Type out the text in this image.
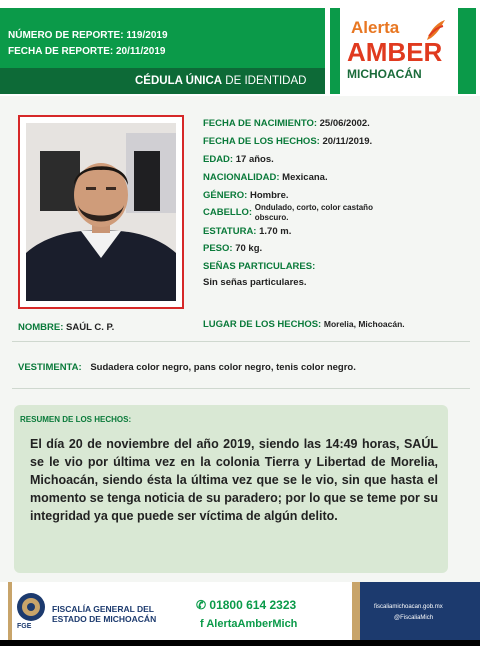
NÚMERO DE REPORTE: 119/2019
FECHA DE REPORTE: 20/11/2019
CÉDULA ÚNICA DE IDENTIDAD
Alerta
AMBER
MICHOACÁN
FECHA DE NACIMIENTO: 25/06/2002.
FECHA DE LOS HECHOS: 20/11/2019.
EDAD: 17 años.
NACIONALIDAD: Mexicana.
GÉNERO: Hombre.
CABELLO: Ondulado, corto, color castaño
obscuro.
ESTATURA: 1.70 m.
PESO: 70 kg.
SEÑAS PARTICULARES:
Sin señas particulares.
NOMBRE: SAÚL C. P.	LUGAR DE LOS HECHOS: Morelia, Michoacán.
VESTIMENTA: Sudadera color negro, pans color negro, tenis color negro.
RESUMEN DE LOS HECHOS:
El día 20 de noviembre del año 2019, siendo las 14:49 horas, SAÚL se le vio por última vez en la colonia Tierra y Libertad de Morelia, Michoacán, siendo ésta la última vez que se le vio, sin que hasta el momento se tenga noticia de su paradero; por lo que se teme por su integridad ya que puede ser víctima de algún delito.
FGE
FISCALÍA GENERAL DEL
ESTADO DE MICHOACÁN
✆ 01800 614 2323
f AlertaAmberMich
fiscaliamichoacan.gob.mx
@FiscaliaMich
